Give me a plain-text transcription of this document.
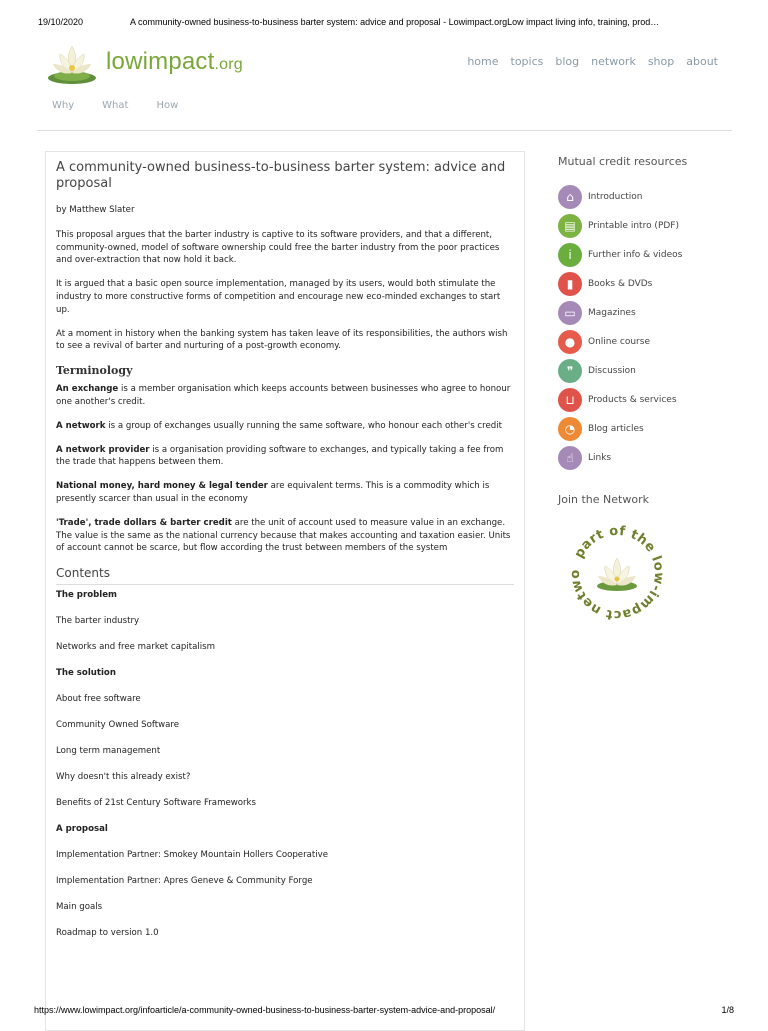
19/10/2020	A community-owned business-to-business barter system: advice and proposal - Lowimpact.orgLow impact living info, training, prod…
lowimpact.org	home topics blog network shop about
Why	What	How
A community-owned business-to-business barter system: advice and proposal

by Matthew Slater

This proposal argues that the barter industry is captive to its software providers, and that a different, community-owned, model of software ownership could free the barter industry from the poor practices and over-extraction that now hold it back.

It is argued that a basic open source implementation, managed by its users, would both stimulate the industry to more constructive forms of competition and encourage new eco-minded exchanges to start up.

At a moment in history when the banking system has taken leave of its responsibilities, the authors wish to see a revival of barter and nurturing of a post-growth economy.

Terminology

An exchange is a member organisation which keeps accounts between businesses who agree to honour one another's credit.

A network is a group of exchanges usually running the same software, who honour each other's credit

A network provider is a organisation providing software to exchanges, and typically taking a fee from the trade that happens between them.

National money, hard money & legal tender are equivalent terms. This is a commodity which is presently scarcer than usual in the economy

'Trade', trade dollars & barter credit are the unit of account used to measure value in an exchange. The value is the same as the national currency because that makes accounting and taxation easier. Units of account cannot be scarce, but flow according the trust between members of the system

Contents
The problem
The barter industry
Networks and free market capitalism
The solution
About free software
Community Owned Software
Long term management
Why doesn't this already exist?
Benefits of 21st Century Software Frameworks
A proposal
Implementation Partner: Smokey Mountain Hollers Cooperative
Implementation Partner: Apres Geneve & Community Forge
Main goals
Roadmap to version 1.0
Mutual credit resources
⌂	Introduction
▤	Printable intro (PDF)
i	Further info & videos
▮	Books & DVDs
▭	Magazines
●	Online course
❞	Discussion
⊔	Products & services
◔	Blog articles
☝	Links
Join the Network
part of the low-impact netwo
https://www.lowimpact.org/infoarticle/a-community-owned-business-to-business-barter-system-advice-and-proposal/	1/8
